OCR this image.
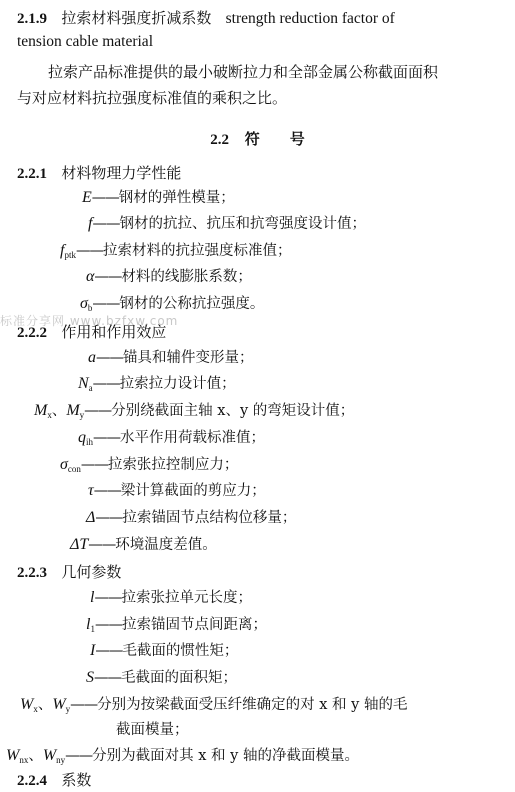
2.1.9 拉索材料强度折减系数 strength reduction factor of
tension cable material
拉索产品标准提供的最小破断拉力和全部金属公称截面面积
与对应材料抗拉强度标准值的乘积之比。
2.2 符　　号
2.2.1 材料物理力学性能
E——钢材的弹性模量；
f——钢材的抗拉、抗压和抗弯强度设计值；
$f_{ptk}——$拉索材料的抗拉强度标准值；
α——材料的线膨胀系数；
$\sigma_b——$钢材的公称抗拉强度。
标准分享网 www.bzfxw.com
2.2.2 作用和作用效应
a——锚具和辅件变形量；
$N_a——$拉索拉力设计值；
$M_x$、$M_y——$分别绕截面主轴 x、y 的弯矩设计值；
$q_{ih}——$水平作用荷载标准值；
$\sigma_{con}——$拉索张拉控制应力；
τ——梁计算截面的剪应力；
Δ——拉索锚固节点结构位移量；
ΔT——环境温度差值。
2.2.3 几何参数
l——拉索张拉单元长度；
$l_1——$拉索锚固节点间距离；
I——毛截面的惯性矩；
S——毛截面的面积矩；
$W_x$、$W_y——$分别为按梁截面受压纤维确定的对 x 和 y 轴的毛
截面模量；
$W_{nx}$、$W_{ny}——$分别为截面对其 x 和 y 轴的净截面模量。
2.2.4 系数
